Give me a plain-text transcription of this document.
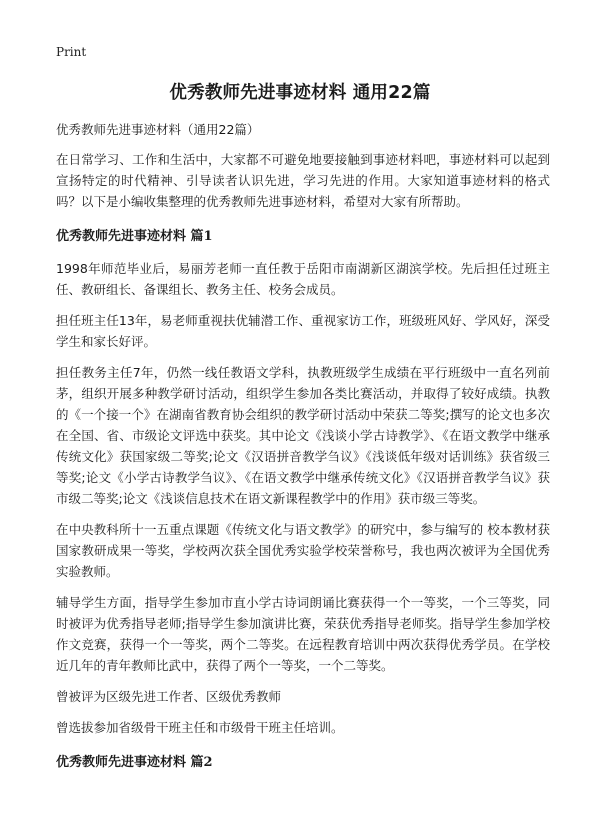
Print
优秀教师先进事迹材料 通用22篇

优秀教师先进事迹材料（通用22篇）

在日常学习、工作和生活中，大家都不可避免地要接触到事迹材料吧，事迹材料可以起到宣扬特定的时代精神、引导读者认识先进，学习先进的作用。大家知道事迹材料的格式吗？以下是小编收集整理的优秀教师先进事迹材料，希望对大家有所帮助。

优秀教师先进事迹材料 篇1

1998年师范毕业后，易丽芳老师一直任教于岳阳市南湖新区湖滨学校。先后担任过班主任、教研组长、备课组长、教务主任、校务会成员。

担任班主任13年，易老师重视扶优辅潜工作、重视家访工作，班级班风好、学风好，深受学生和家长好评。

担任教务主任7年，仍然一线任教语文学科，执教班级学生成绩在平行班级中一直名列前茅，组织开展多种教学研讨活动，组织学生参加各类比赛活动，并取得了较好成绩。执教的《一个接一个》在湖南省教育协会组织的教学研讨活动中荣获二等奖;撰写的论文也多次在全国、省、市级论文评选中获奖。其中论文《浅谈小学古诗教学》、《在语文教学中继承传统文化》获国家级二等奖;论文《汉语拼音教学刍议》《浅谈低年级对话训练》获省级三等奖;论文《小学古诗教学刍议》、《在语文教学中继承传统文化》《汉语拼音教学刍议》获市级二等奖;论文《浅谈信息技术在语文新课程教学中的作用》获市级三等奖。

在中央教科所十一五重点课题《传统文化与语文教学》的研究中，参与编写的 校本教材获国家教研成果一等奖，学校两次获全国优秀实验学校荣誉称号，我也两次被评为全国优秀实验教师。

辅导学生方面，指导学生参加市直小学古诗词朗诵比赛获得一个一等奖，一个三等奖，同时被评为优秀指导老师;指导学生参加演讲比赛，荣获优秀指导老师奖。指导学生参加学校作文竞赛，获得一个一等奖，两个二等奖。在远程教育培训中两次获得优秀学员。在学校近几年的青年教师比武中，获得了两个一等奖，一个二等奖。

曾被评为区级先进工作者、区级优秀教师

曾选拔参加省级骨干班主任和市级骨干班主任培训。

优秀教师先进事迹材料 篇2
